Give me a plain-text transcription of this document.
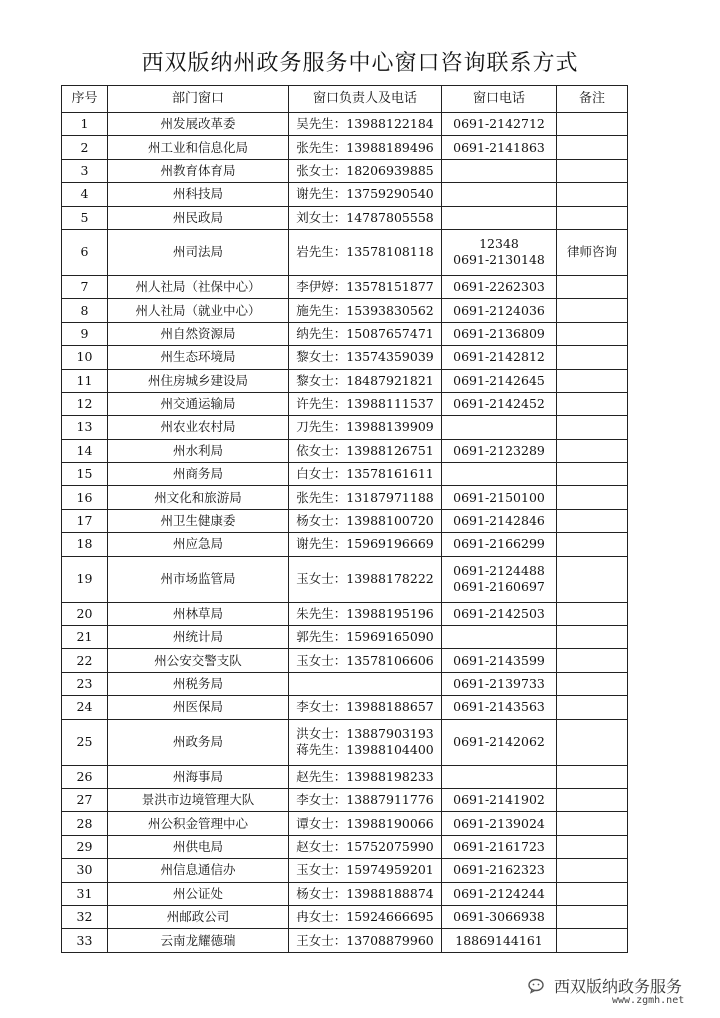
西双版纳州政务服务中心窗口咨询联系方式
序号	部门窗口	窗口负责人及电话	窗口电话	备注
1	州发展改革委	吴先生：13988122184	0691-2142712	

2	州工业和信息化局	张先生：13988189496	0691-2141863	

3	州教育体育局	张女士：18206939885		

4	州科技局	谢先生：13759290540		

5	州民政局	刘女士：14787805558		

6	州司法局	岩先生：13578108118	12348
0691-2130148	律师咨询
7	州人社局（社保中心）	李伊婷：13578151877	0691-2262303	

8	州人社局（就业中心）	施先生：15393830562	0691-2124036	

9	州自然资源局	纳先生：15087657471	0691-2136809	

10	州生态环境局	黎女士：13574359039	0691-2142812	

11	州住房城乡建设局	黎女士：18487921821	0691-2142645	

12	州交通运输局	许先生：13988111537	0691-2142452	

13	州农业农村局	刀先生：13988139909		

14	州水利局	依女士：13988126751	0691-2123289	

15	州商务局	白女士：13578161611		

16	州文化和旅游局	张先生：13187971188	0691-2150100	

17	州卫生健康委	杨女士：13988100720	0691-2142846	

18	州应急局	谢先生：15969196669	0691-2166299	

19	州市场监管局	玉女士：13988178222	0691-2124488
0691-2160697	

20	州林草局	朱先生：13988195196	0691-2142503	

21	州统计局	郭先生：15969165090		

22	州公安交警支队	玉女士：13578106606	0691-2143599	

23	州税务局		0691-2139733	

24	州医保局	李女士：13988188657	0691-2143563	

25	州政务局	洪女士：13887903193
蒋先生：13988104400	0691-2142062	

26	州海事局	赵先生：13988198233		

27	景洪市边境管理大队	李女士：13887911776	0691-2141902	

28	州公积金管理中心	谭女士：13988190066	0691-2139024	

29	州供电局	赵女士：15752075990	0691-2161723	

30	州信息通信办	玉女士：15974959201	0691-2162323	

31	州公证处	杨女士：13988188874	0691-2124244	

32	州邮政公司	冉女士：15924666695	0691-3066938	

33	云南龙耀德瑞	王女士：13708879960	18869144161	

西双版纳政务服务
www.zgmh.net
